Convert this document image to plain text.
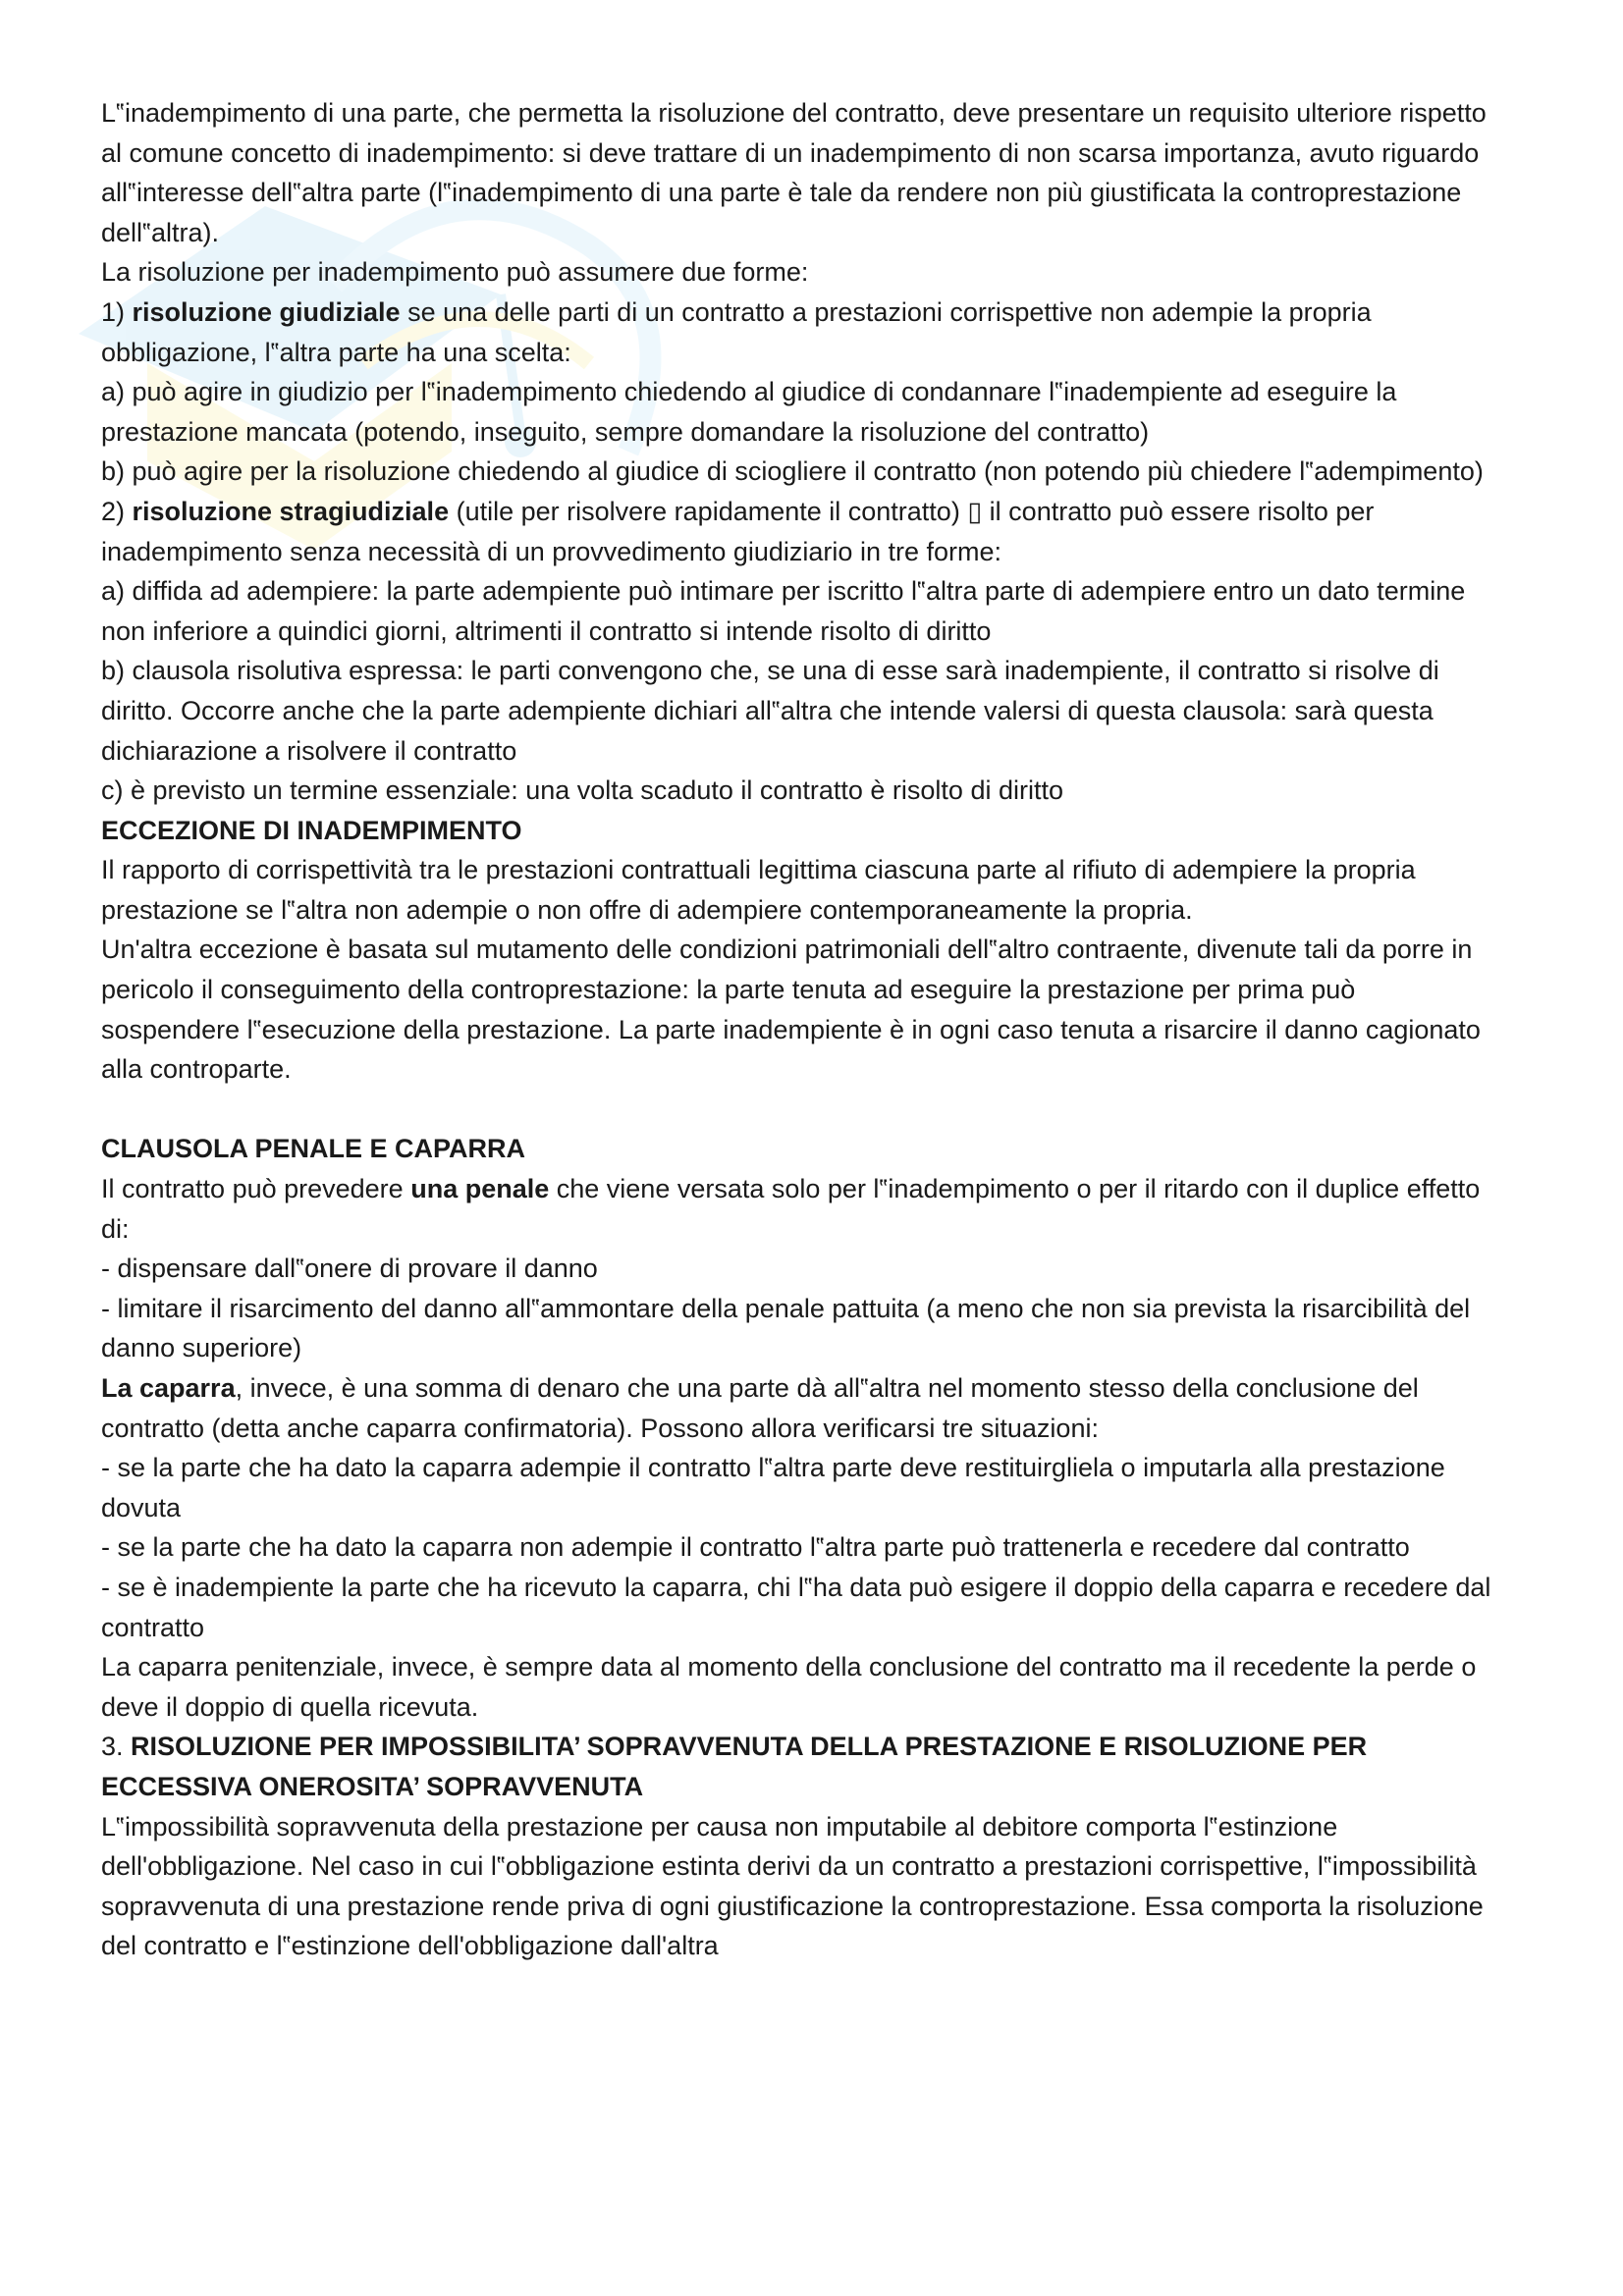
L‟inadempimento di una parte, che permetta la risoluzione del contratto, deve presentare un requisito ulteriore rispetto al comune concetto di inadempimento: si deve trattare di un inadempimento di non scarsa importanza, avuto riguardo all‟interesse dell‟altra parte (l‟inadempimento di una parte è tale da rendere non più giustificata la controprestazione dell‟altra).

La risoluzione per inadempimento può assumere due forme:

1) risoluzione giudiziale se una delle parti di un contratto a prestazioni corrispettive non adempie la propria obbligazione, l‟altra parte ha una scelta:

a) può agire in giudizio per l‟inadempimento chiedendo al giudice di condannare l‟inadempiente ad eseguire la prestazione mancata (potendo, inseguito, sempre domandare la risoluzione del contratto)

b) può agire per la risoluzione chiedendo al giudice di sciogliere il contratto (non potendo più chiedere l‟adempimento)

2) risoluzione stragiudiziale (utile per risolvere rapidamente il contratto) ▯ il contratto può essere risolto per inadempimento senza necessità di un provvedimento giudiziario in tre forme:

a) diffida ad adempiere: la parte adempiente può intimare per iscritto l‟altra parte di adempiere entro un dato termine non inferiore a quindici giorni, altrimenti il contratto si intende risolto di diritto

b) clausola risolutiva espressa: le parti convengono che, se una di esse sarà inadempiente, il contratto si risolve di diritto. Occorre anche che la parte adempiente dichiari all‟altra che intende valersi di questa clausola: sarà questa dichiarazione a risolvere il contratto

c) è previsto un termine essenziale: una volta scaduto il contratto è risolto di diritto

ECCEZIONE DI INADEMPIMENTO

Il rapporto di corrispettività tra le prestazioni contrattuali legittima ciascuna parte al rifiuto di adempiere la propria prestazione se l‟altra non adempie o non offre di adempiere contemporaneamente la propria.

Un'altra eccezione è basata sul mutamento delle condizioni patrimoniali dell‟altro contraente, divenute tali da porre in pericolo il conseguimento della controprestazione: la parte tenuta ad eseguire la prestazione per prima può sospendere l‟esecuzione della prestazione. La parte inadempiente è in ogni caso tenuta a risarcire il danno cagionato alla controparte.

CLAUSOLA PENALE E CAPARRA

Il contratto può prevedere una penale che viene versata solo per l‟inadempimento o per il ritardo con il duplice effetto di:

- dispensare dall‟onere di provare il danno

- limitare il risarcimento del danno all‟ammontare della penale pattuita (a meno che non sia prevista la risarcibilità del danno superiore)

La caparra, invece, è una somma di denaro che una parte dà all‟altra nel momento stesso della conclusione del contratto (detta anche caparra confirmatoria). Possono allora verificarsi tre situazioni:

- se la parte che ha dato la caparra adempie il contratto l‟altra parte deve restituirgliela o imputarla alla prestazione dovuta

- se la parte che ha dato la caparra non adempie il contratto l‟altra parte può trattenerla e recedere dal contratto

- se è inadempiente la parte che ha ricevuto la caparra, chi l‟ha data può esigere il doppio della caparra e recedere dal contratto

La caparra penitenziale, invece, è sempre data al momento della conclusione del contratto ma il recedente la perde o deve il doppio di quella ricevuta.

3. RISOLUZIONE PER IMPOSSIBILITA’ SOPRAVVENUTA DELLA PRESTAZIONE E RISOLUZIONE PER ECCESSIVA ONEROSITA’ SOPRAVVENUTA

L‟impossibilità sopravvenuta della prestazione per causa non imputabile al debitore comporta l‟estinzione dell'obbligazione. Nel caso in cui l‟obbligazione estinta derivi da un contratto a prestazioni corrispettive, l‟impossibilità sopravvenuta di una prestazione rende priva di ogni giustificazione la controprestazione. Essa comporta la risoluzione del contratto e l‟estinzione dell'obbligazione dall'altra
